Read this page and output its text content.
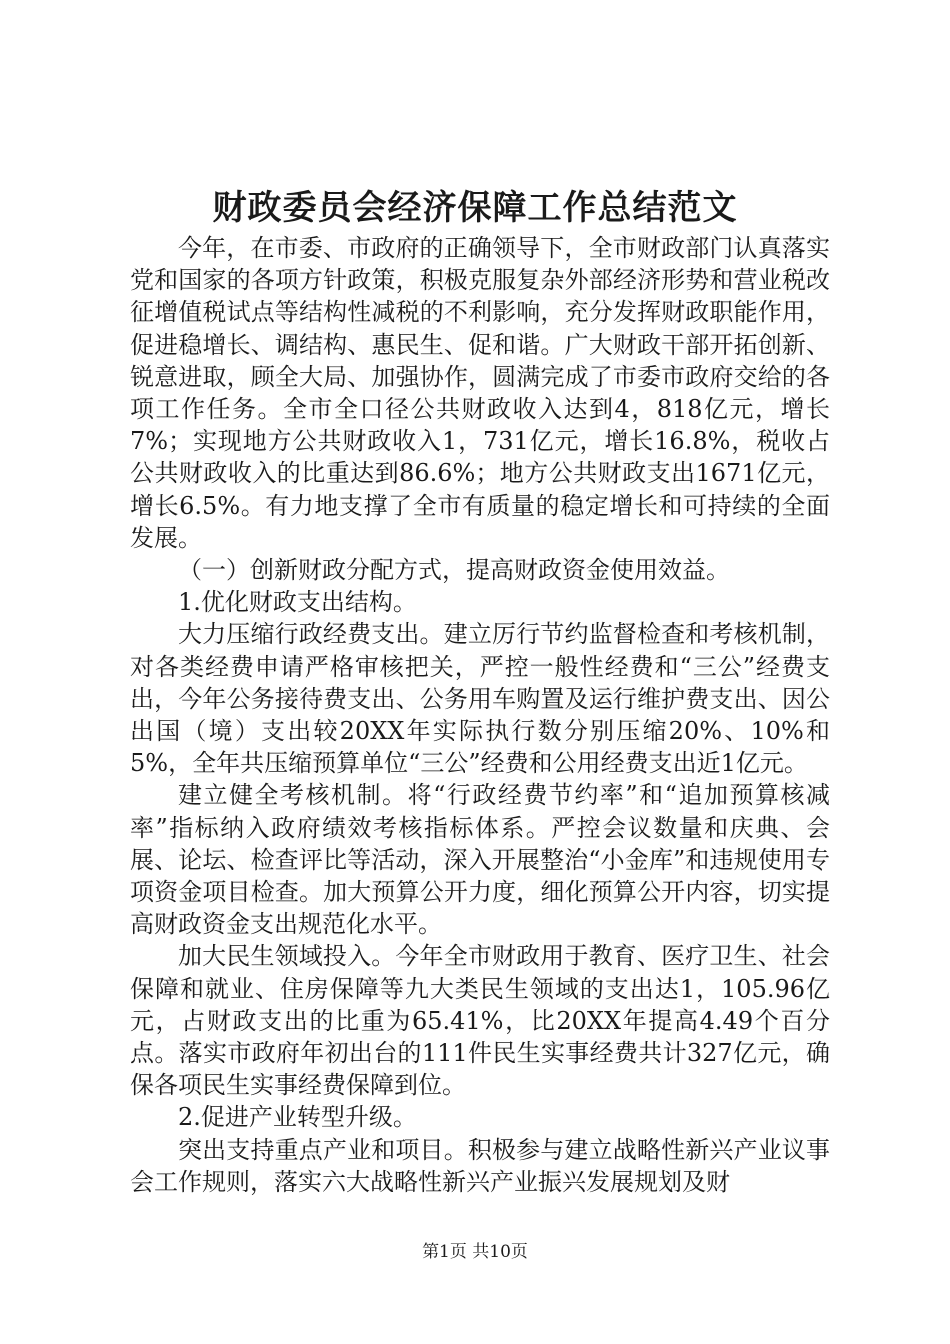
财政委员会经济保障工作总结范文

今年，在市委、市政府的正确领导下，全市财政部门认真落实党和国家的各项方针政策，积极克服复杂外部经济形势和营业税改征增值税试点等结构性减税的不利影响，充分发挥财政职能作用，促进稳增长、调结构、惠民生、促和谐。广大财政干部开拓创新、锐意进取，顾全大局、加强协作，圆满完成了市委市政府交给的各项工作任务。全市全口径公共财政收入达到4，818亿元，增长7%；实现地方公共财政收入1，731亿元，增长16.8%，税收占公共财政收入的比重达到86.6%；地方公共财政支出1671亿元，增长6.5%。有力地支撑了全市有质量的稳定增长和可持续的全面发展。

（一）创新财政分配方式，提高财政资金使用效益。

1.优化财政支出结构。

大力压缩行政经费支出。建立厉行节约监督检查和考核机制，对各类经费申请严格审核把关，严控一般性经费和“三公”经费支出，今年公务接待费支出、公务用车购置及运行维护费支出、因公出国（境）支出较20XX年实际执行数分别压缩20%、10%和5%，全年共压缩预算单位“三公”经费和公用经费支出近1亿元。

建立健全考核机制。将“行政经费节约率”和“追加预算核减率”指标纳入政府绩效考核指标体系。严控会议数量和庆典、会展、论坛、检查评比等活动，深入开展整治“小金库”和违规使用专项资金项目检查。加大预算公开力度，细化预算公开内容，切实提高财政资金支出规范化水平。

加大民生领域投入。今年全市财政用于教育、医疗卫生、社会保障和就业、住房保障等九大类民生领域的支出达1，105.96亿元，占财政支出的比重为65.41%，比20XX年提高4.49个百分点。落实市政府年初出台的111件民生实事经费共计327亿元，确保各项民生实事经费保障到位。

2.促进产业转型升级。

突出支持重点产业和项目。积极参与建立战略性新兴产业议事会工作规则，落实六大战略性新兴产业振兴发展规划及财

第1页 共10页
